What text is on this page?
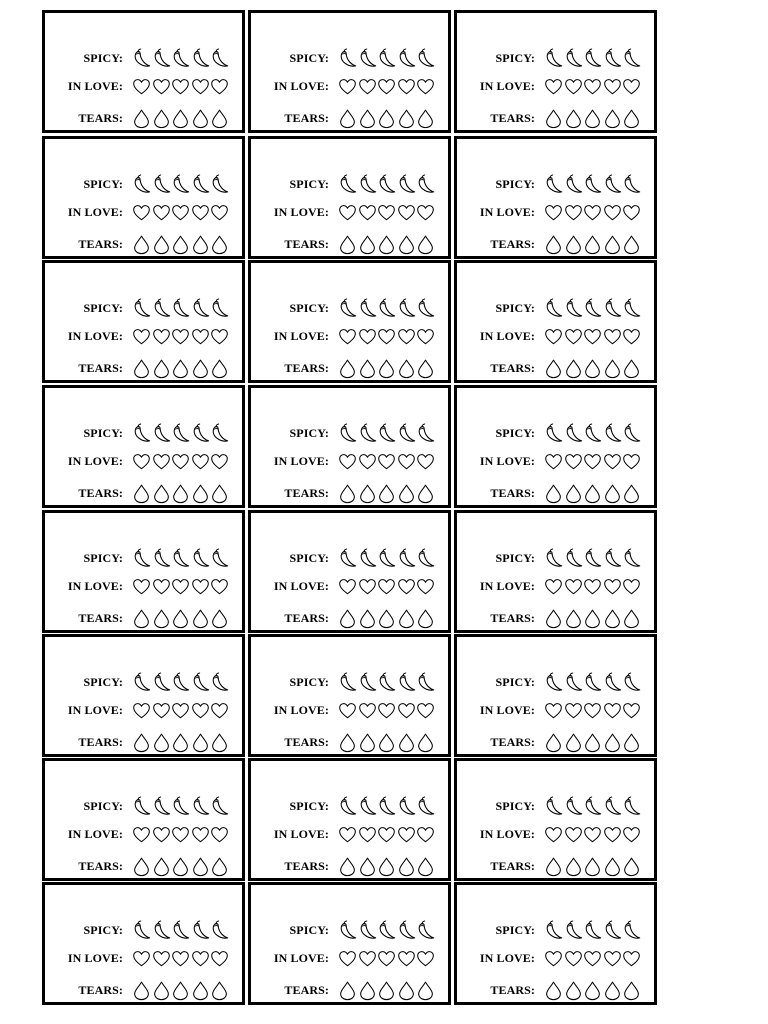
SPICY:
IN LOVE:
TEARS:
SPICY:
IN LOVE:
TEARS:
SPICY:
IN LOVE:
TEARS:
SPICY:
IN LOVE:
TEARS:
SPICY:
IN LOVE:
TEARS:
SPICY:
IN LOVE:
TEARS:
SPICY:
IN LOVE:
TEARS:
SPICY:
IN LOVE:
TEARS:
SPICY:
IN LOVE:
TEARS:
SPICY:
IN LOVE:
TEARS:
SPICY:
IN LOVE:
TEARS:
SPICY:
IN LOVE:
TEARS:
SPICY:
IN LOVE:
TEARS:
SPICY:
IN LOVE:
TEARS:
SPICY:
IN LOVE:
TEARS:
SPICY:
IN LOVE:
TEARS:
SPICY:
IN LOVE:
TEARS:
SPICY:
IN LOVE:
TEARS:
SPICY:
IN LOVE:
TEARS:
SPICY:
IN LOVE:
TEARS:
SPICY:
IN LOVE:
TEARS:
SPICY:
IN LOVE:
TEARS:
SPICY:
IN LOVE:
TEARS:
SPICY:
IN LOVE:
TEARS:
